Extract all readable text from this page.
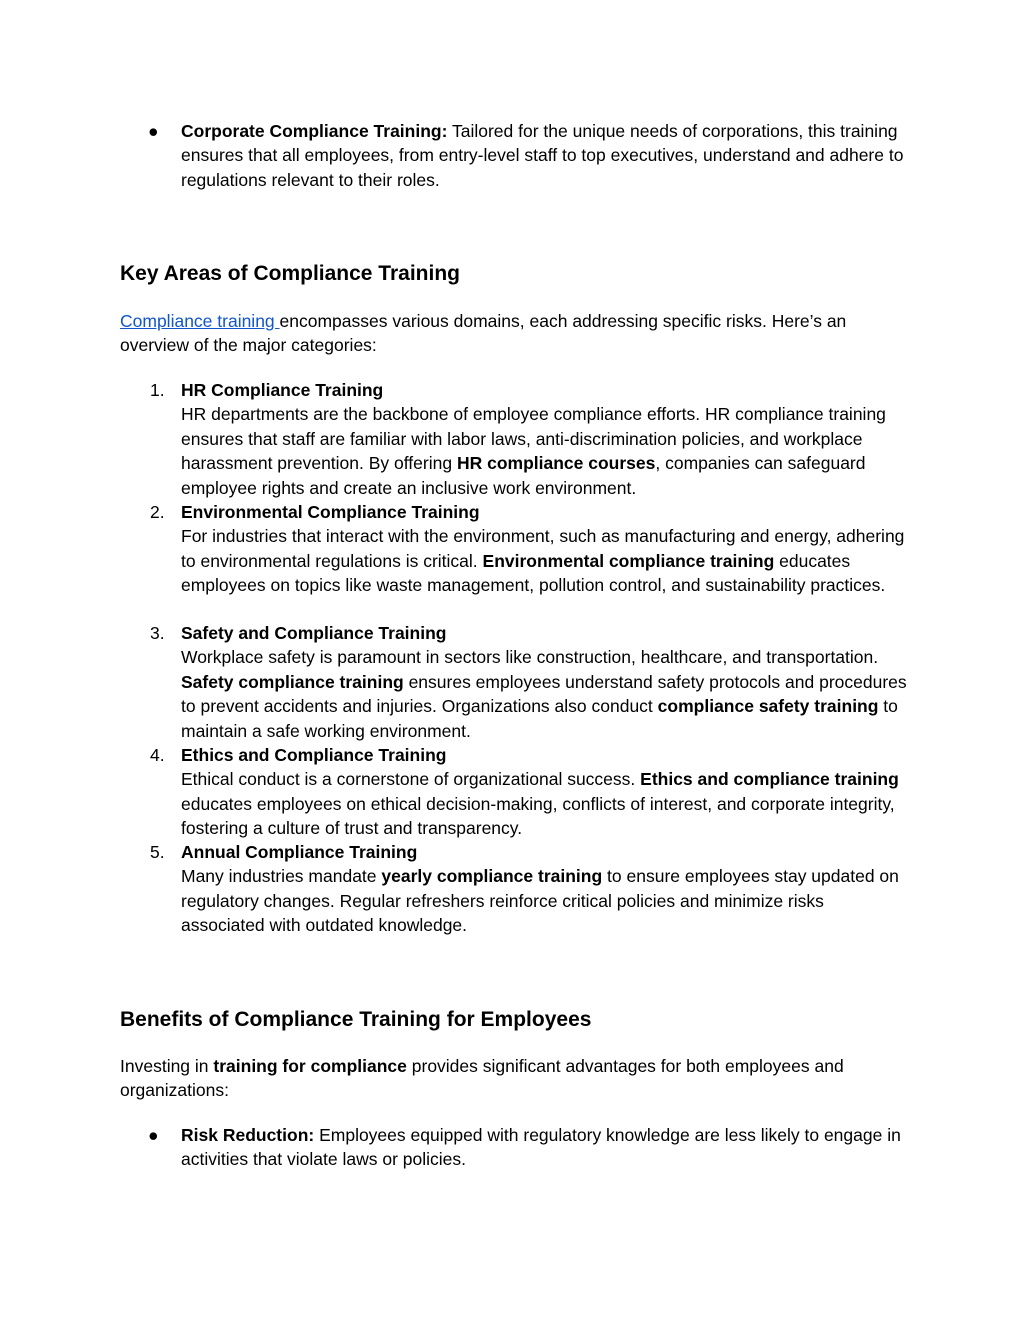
●	Corporate Compliance Training: Tailored for the unique needs of corporations, this training ensures that all employees, from entry-level staff to top executives, understand and adhere to regulations relevant to their roles.
Key Areas of Compliance Training

Compliance training encompasses various domains, each addressing specific risks. Here’s an overview of the major categories:

1. HR Compliance Training
HR departments are the backbone of employee compliance efforts. HR compliance training ensures that staff are familiar with labor laws, anti-discrimination policies, and workplace harassment prevention. By offering HR compliance courses, companies can safeguard employee rights and create an inclusive work environment.
2. Environmental Compliance Training
For industries that interact with the environment, such as manufacturing and energy, adhering to environmental regulations is critical. Environmental compliance training educates employees on topics like waste management, pollution control, and sustainability practices.
3. Safety and Compliance Training
Workplace safety is paramount in sectors like construction, healthcare, and transportation. Safety compliance training ensures employees understand safety protocols and procedures to prevent accidents and injuries. Organizations also conduct compliance safety training to maintain a safe working environment.
4. Ethics and Compliance Training
Ethical conduct is a cornerstone of organizational success. Ethics and compliance training educates employees on ethical decision-making, conflicts of interest, and corporate integrity, fostering a culture of trust and transparency.
5. Annual Compliance Training
Many industries mandate yearly compliance training to ensure employees stay updated on regulatory changes. Regular refreshers reinforce critical policies and minimize risks associated with outdated knowledge.
Benefits of Compliance Training for Employees

Investing in training for compliance provides significant advantages for both employees and organizations:

●	Risk Reduction: Employees equipped with regulatory knowledge are less likely to engage in activities that violate laws or policies.
